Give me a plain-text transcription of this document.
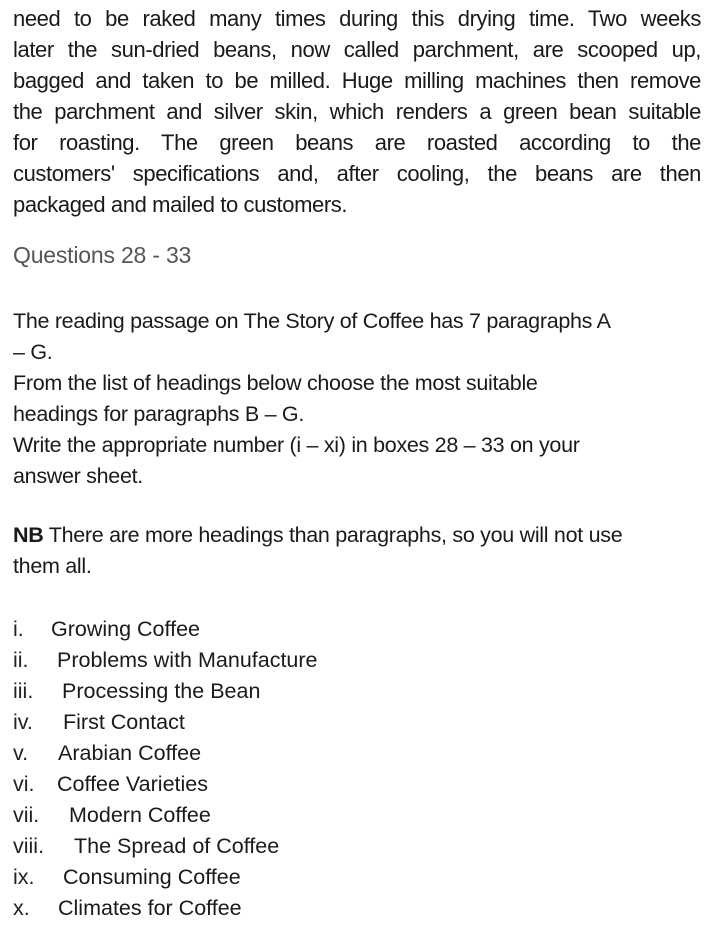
need to be raked many times during this drying time. Two weeks
later the sun-dried beans, now called parchment, are scooped up,
bagged and taken to be milled. Huge milling machines then remove
the parchment and silver skin, which renders a green bean suitable
for roasting. The green beans are roasted according to the
customers' specifications and, after cooling, the beans are then
packaged and mailed to customers.
Questions 28 - 33
The reading passage on The Story of Coffee has 7 paragraphs A
– G.
From the list of headings below choose the most suitable
headings for paragraphs B – G.
Write the appropriate number (i – xi) in boxes 28 – 33 on your
answer sheet.
NB There are more headings than paragraphs, so you will not use
them all.
i. Growing Coffee
ii. Problems with Manufacture
iii. Processing the Bean
iv. First Contact
v. Arabian Coffee
vi. Coffee Varieties
vii. Modern Coffee
viii. The Spread of Coffee
ix. Consuming Coffee
x. Climates for Coffee
